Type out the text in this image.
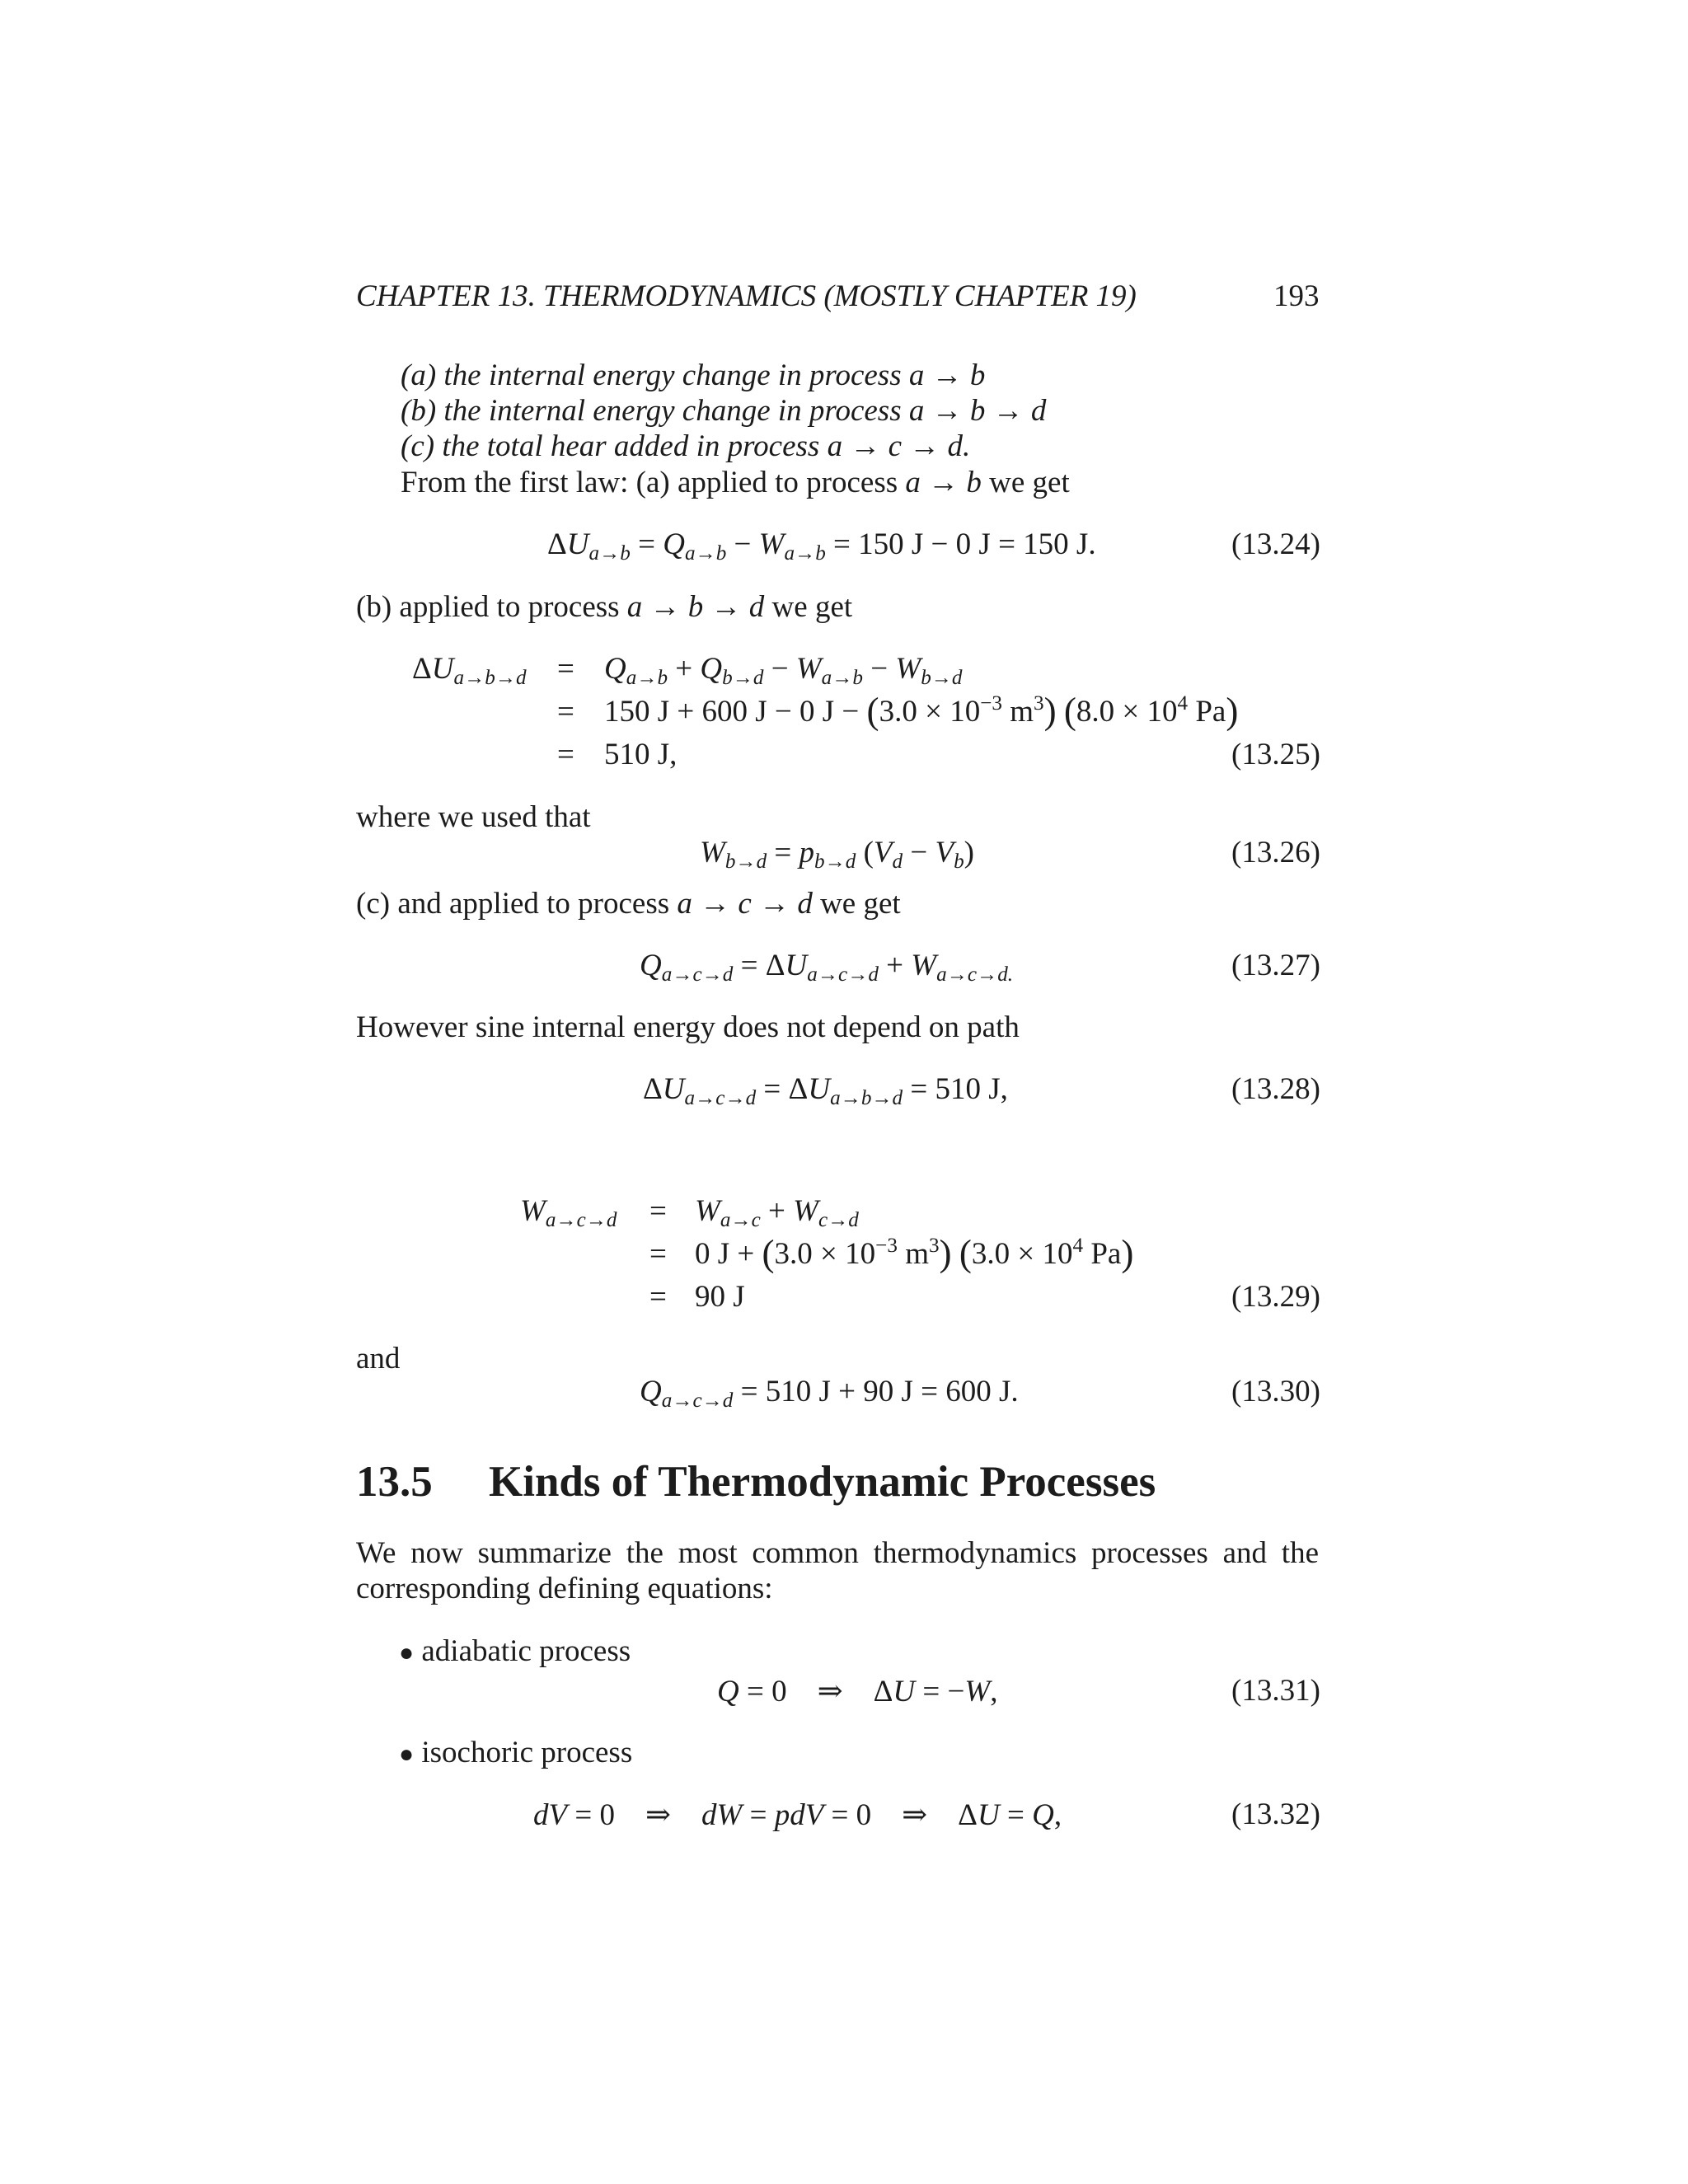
CHAPTER 13. THERMODYNAMICS (MOSTLY CHAPTER 19)	193
(a) the internal energy change in process a → b
(b) the internal energy change in process a → b → d
(c) the total hear added in process a → c → d.
From the first law: (a) applied to process a → b we get
$\Delta U_{a\to b} = Q_{a\to b} - W_{a\to b} = 150$ J − 0 J = 150 J.	(13.24)
(b) applied to process a → b → d we get
$\Delta U_{a\to b\to d} = Q_{a\to b} + Q_{b\to d} - W_{a\to b} - W_{b\to d}$
= 150 J + 600 J − 0 $J - (3.0 \times 10^{-3}$ $m^3$) ($8.0 \times 10^4$ Pa)
= 510 J,	(13.25)
where we used that
$W_{b\to d} = p_{b\to d}$ $(V_d - V_b)$	(13.26)
(c) and applied to process a → c → d we get
$Q_{a\to c\to d} = \Delta U_{a\to c\to d} + W_{a\to c\to d.}$	(13.27)
However sine internal energy does not depend on path
$\Delta U_{a\to c\to d} = \Delta U_{a\to b\to d} = 510$ J,	(13.28)
$W_{a\to c\to d} = W_{a\to c} + W_{c\to d}$
= 0 $J + (3.0 \times 10^{-3}$ $m^3$) ($3.0 \times 10^4$ Pa)
= 90 J	(13.29)
and
$Q_{a\to c\to d} = 510$ J + 90 J = 600 J.	(13.30)
13.5 Kinds of Thermodynamic Processes
We now summarize the most common thermodynamics processes and the
corresponding defining equations:
● adiabatic process
Q = 0    ⇒    ΔU = −W,	(13.31)
● isochoric process
dV = 0    ⇒    dW = pdV = 0    ⇒    ΔU = Q,	(13.32)
